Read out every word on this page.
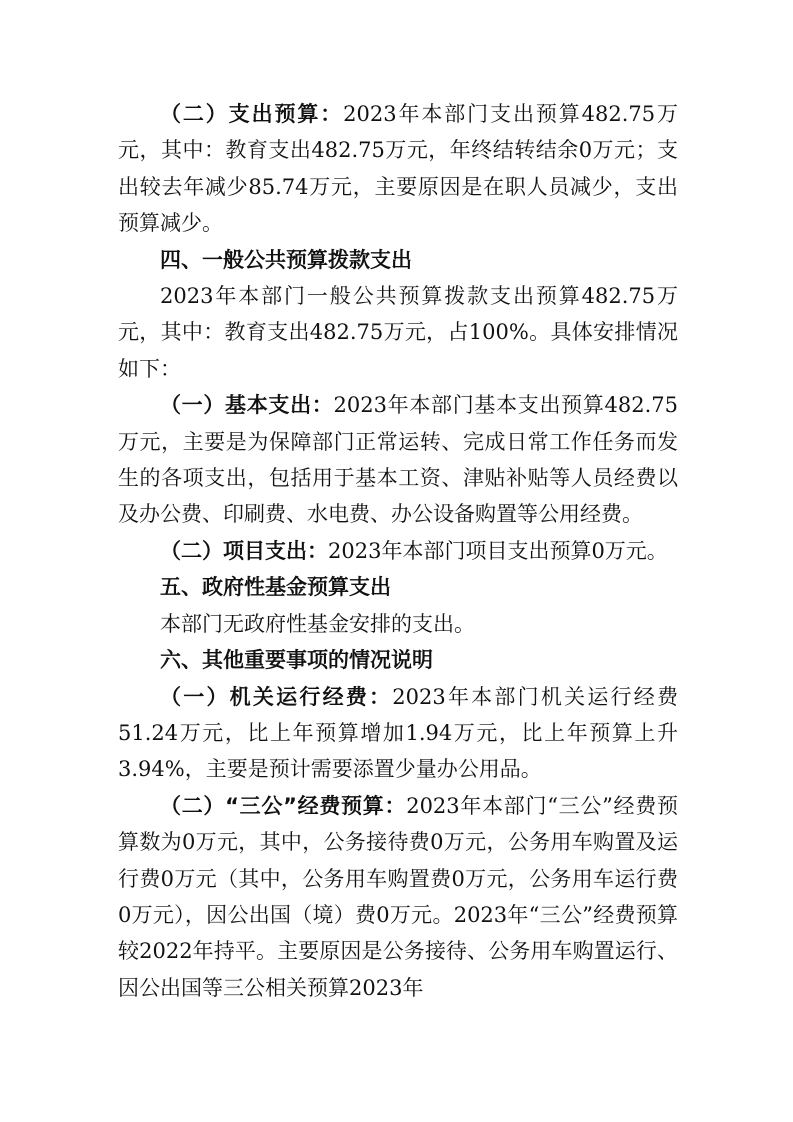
（二）支出预算：2023年本部门支出预算482.75万元，其中：教育支出482.75万元，年终结转结余0万元；支出较去年减少85.74万元，主要原因是在职人员减少，支出预算减少。

四、一般公共预算拨款支出

2023年本部门一般公共预算拨款支出预算482.75万元，其中：教育支出482.75万元，占100%。具体安排情况如下：

（一）基本支出：2023年本部门基本支出预算482.75万元，主要是为保障部门正常运转、完成日常工作任务而发生的各项支出，包括用于基本工资、津贴补贴等人员经费以及办公费、印刷费、水电费、办公设备购置等公用经费。

（二）项目支出：2023年本部门项目支出预算0万元。

五、政府性基金预算支出

本部门无政府性基金安排的支出。

六、其他重要事项的情况说明

（一）机关运行经费：2023年本部门机关运行经费51.24万元，比上年预算增加1.94万元，比上年预算上升3.94%，主要是预计需要添置少量办公用品。

（二）“三公”经费预算：2023年本部门“三公”经费预算数为0万元，其中，公务接待费0万元，公务用车购置及运行费0万元（其中，公务用车购置费0万元，公务用车运行费0万元），因公出国（境）费0万元。2023年“三公”经费预算较2022年持平。主要原因是公务接待、公务用车购置运行、因公出国等三公相关预算2023年
